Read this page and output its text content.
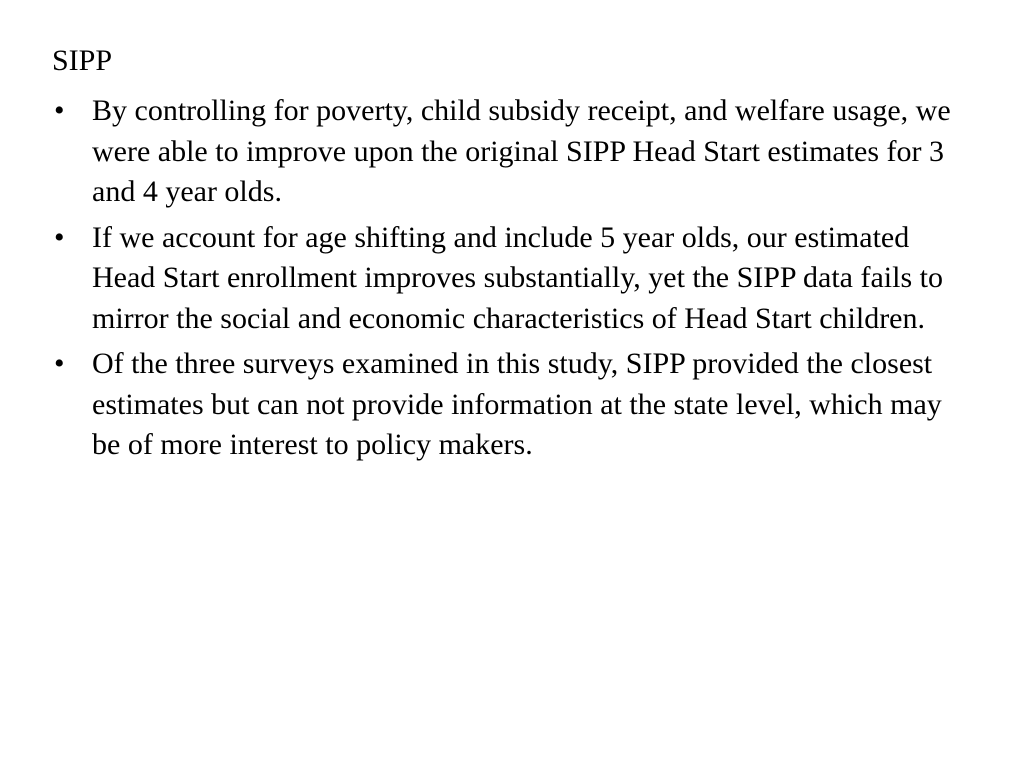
SIPP
• By controlling for poverty, child subsidy receipt, and welfare usage, we were able to improve upon the original SIPP Head Start estimates for 3 and 4 year olds.
• If we account for age shifting and include 5 year olds, our estimated Head Start enrollment improves substantially, yet the SIPP data fails to mirror the social and economic characteristics of Head Start children.
• Of the three surveys examined in this study, SIPP provided the closest estimates but can not provide information at the state level, which may be of more interest to policy makers.
